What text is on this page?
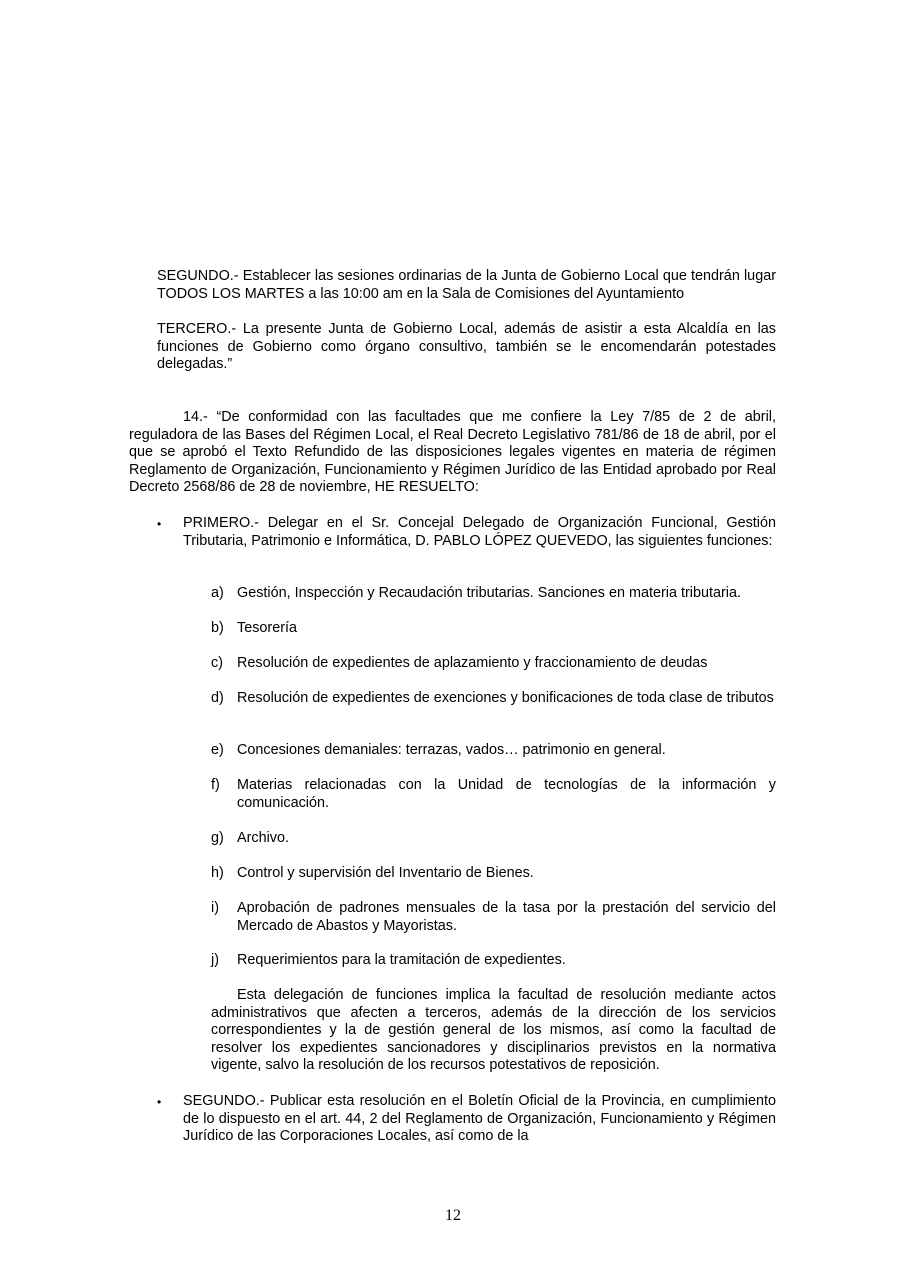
SEGUNDO.- Establecer las sesiones ordinarias de la Junta de Gobierno Local que tendrán lugar TODOS LOS MARTES a las 10:00 am en la Sala de Comisiones del Ayuntamiento

TERCERO.- La presente Junta de Gobierno Local, además de asistir a esta Alcaldía en las funciones de Gobierno como órgano consultivo, también se le encomendarán potestades delegadas.”

14.- “De conformidad con las facultades que me confiere la Ley 7/85 de 2 de abril, reguladora de las Bases del Régimen Local, el Real Decreto Legislativo 781/86 de 18 de abril, por el que se aprobó el Texto Refundido de las disposiciones legales vigentes en materia de régimen Reglamento de Organización, Funcionamiento y Régimen Jurídico de las Entidad aprobado por Real Decreto 2568/86 de 28 de noviembre, HE RESUELTO:

• PRIMERO.- Delegar en el Sr. Concejal Delegado de Organización Funcional, Gestión Tributaria, Patrimonio e Informática, D. PABLO LÓPEZ QUEVEDO, las siguientes funciones:

a) Gestión, Inspección y Recaudación tributarias. Sanciones en materia tributaria.
b) Tesorería
c) Resolución de expedientes de aplazamiento y fraccionamiento de deudas
d) Resolución de expedientes de exenciones y bonificaciones de toda clase de tributos
e) Concesiones demaniales: terrazas, vados… patrimonio en general.
f) Materias relacionadas con la Unidad de tecnologías de la información y comunicación.
g) Archivo.
h) Control y supervisión del Inventario de Bienes.
i) Aprobación de padrones mensuales de la tasa por la prestación del servicio del Mercado de Abastos y Mayoristas.
j) Requerimientos para la tramitación de expedientes.

Esta delegación de funciones implica la facultad de resolución mediante actos administrativos que afecten a terceros, además de la dirección de los servicios correspondientes y la de gestión general de los mismos, así como la facultad de resolver los expedientes sancionadores y disciplinarios previstos en la normativa vigente, salvo la resolución de los recursos potestativos de reposición.

• SEGUNDO.- Publicar esta resolución en el Boletín Oficial de la Provincia, en cumplimiento de lo dispuesto en el art. 44, 2 del Reglamento de Organización, Funcionamiento y Régimen Jurídico de las Corporaciones Locales, así como de la

12
